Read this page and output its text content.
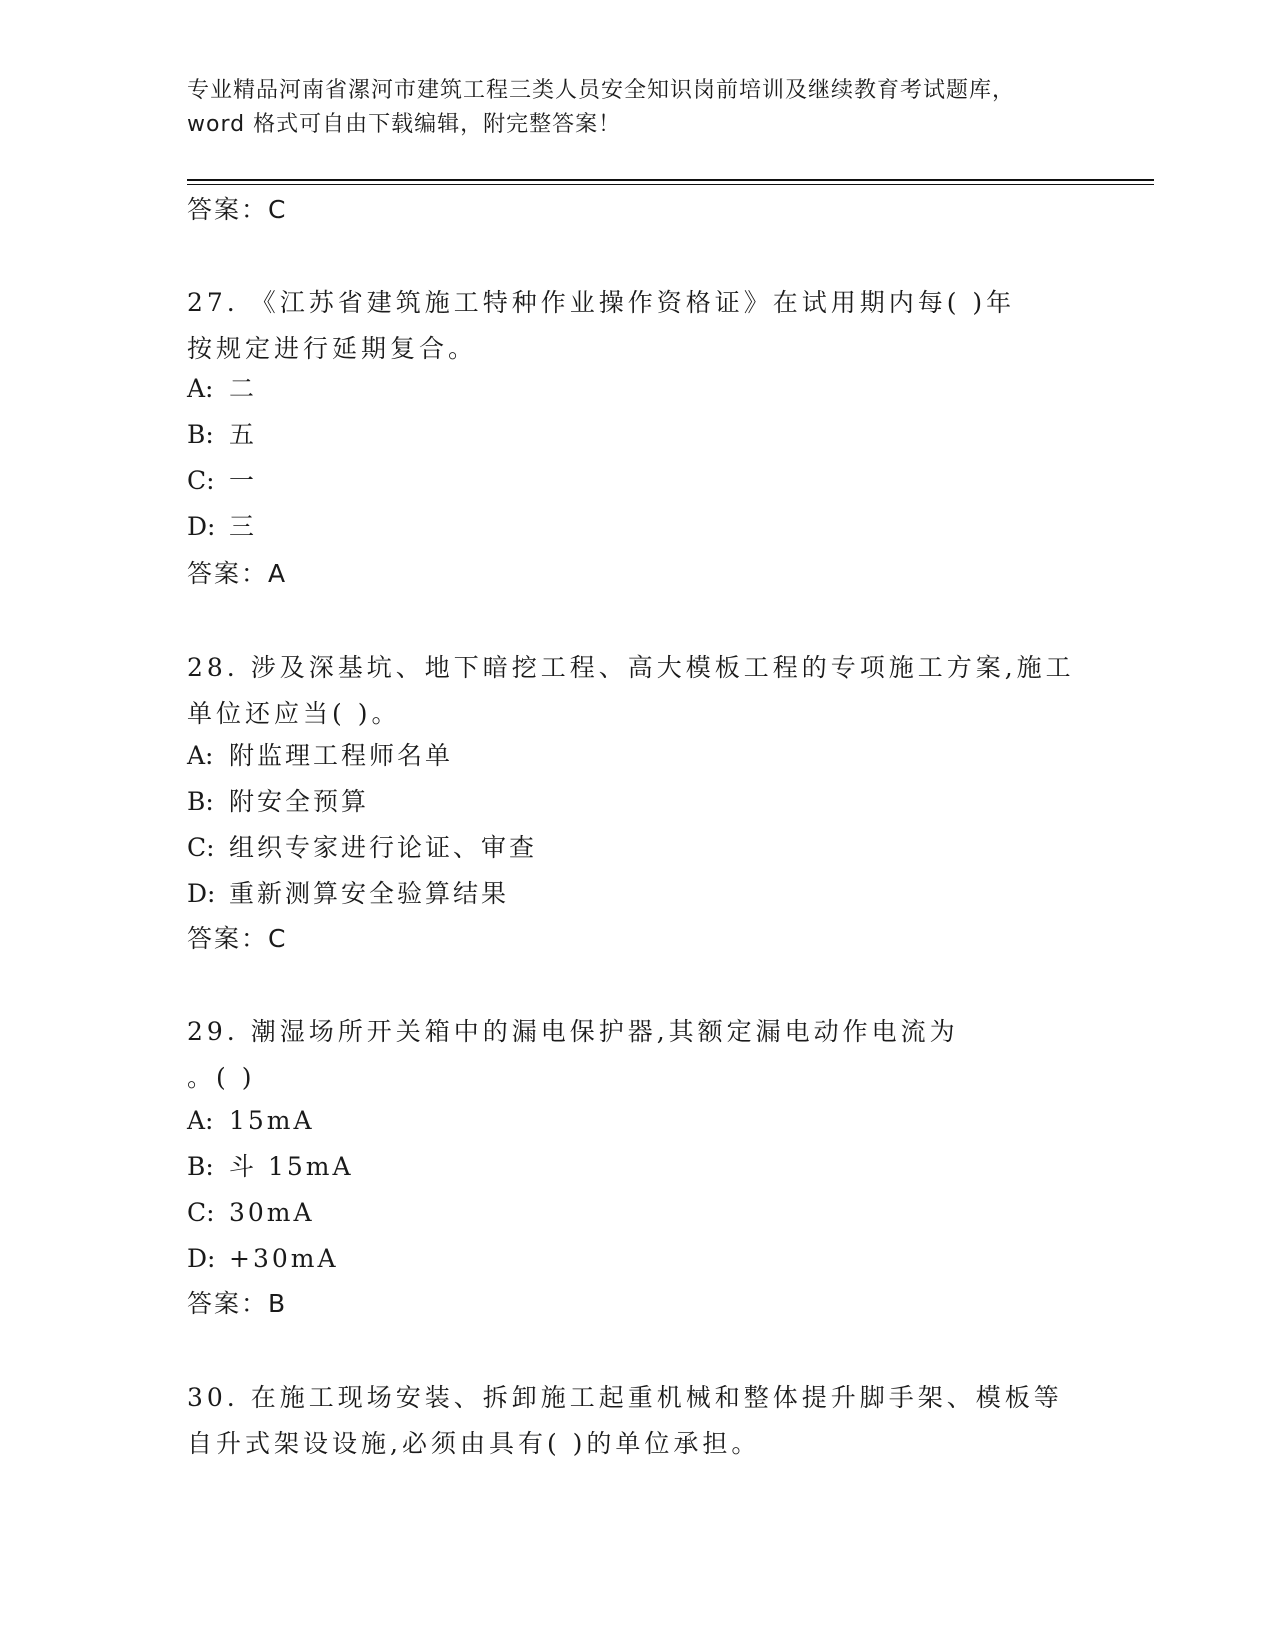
专业精品河南省漯河市建筑工程三类人员安全知识岗前培训及继续教育考试题库，
word 格式可自由下载编辑，附完整答案！
答案：C
27. 《江苏省建筑施工特种作业操作资格证》在试用期内每( )年
按规定进行延期复合。
A: 二
B: 五
C: 一
D: 三
答案：A
28. 涉及深基坑、地下暗挖工程、高大模板工程的专项施工方案,施工
单位还应当( )。
A: 附监理工程师名单
B: 附安全预算
C: 组织专家进行论证、审查
D: 重新测算安全验算结果
答案：C
29. 潮湿场所开关箱中的漏电保护器,其额定漏电动作电流为
。( )
A: 15mA
B: 斗 15mA
C: 30mA
D: +30mA
答案：B
30. 在施工现场安装、拆卸施工起重机械和整体提升脚手架、模板等
自升式架设设施,必须由具有( )的单位承担。
